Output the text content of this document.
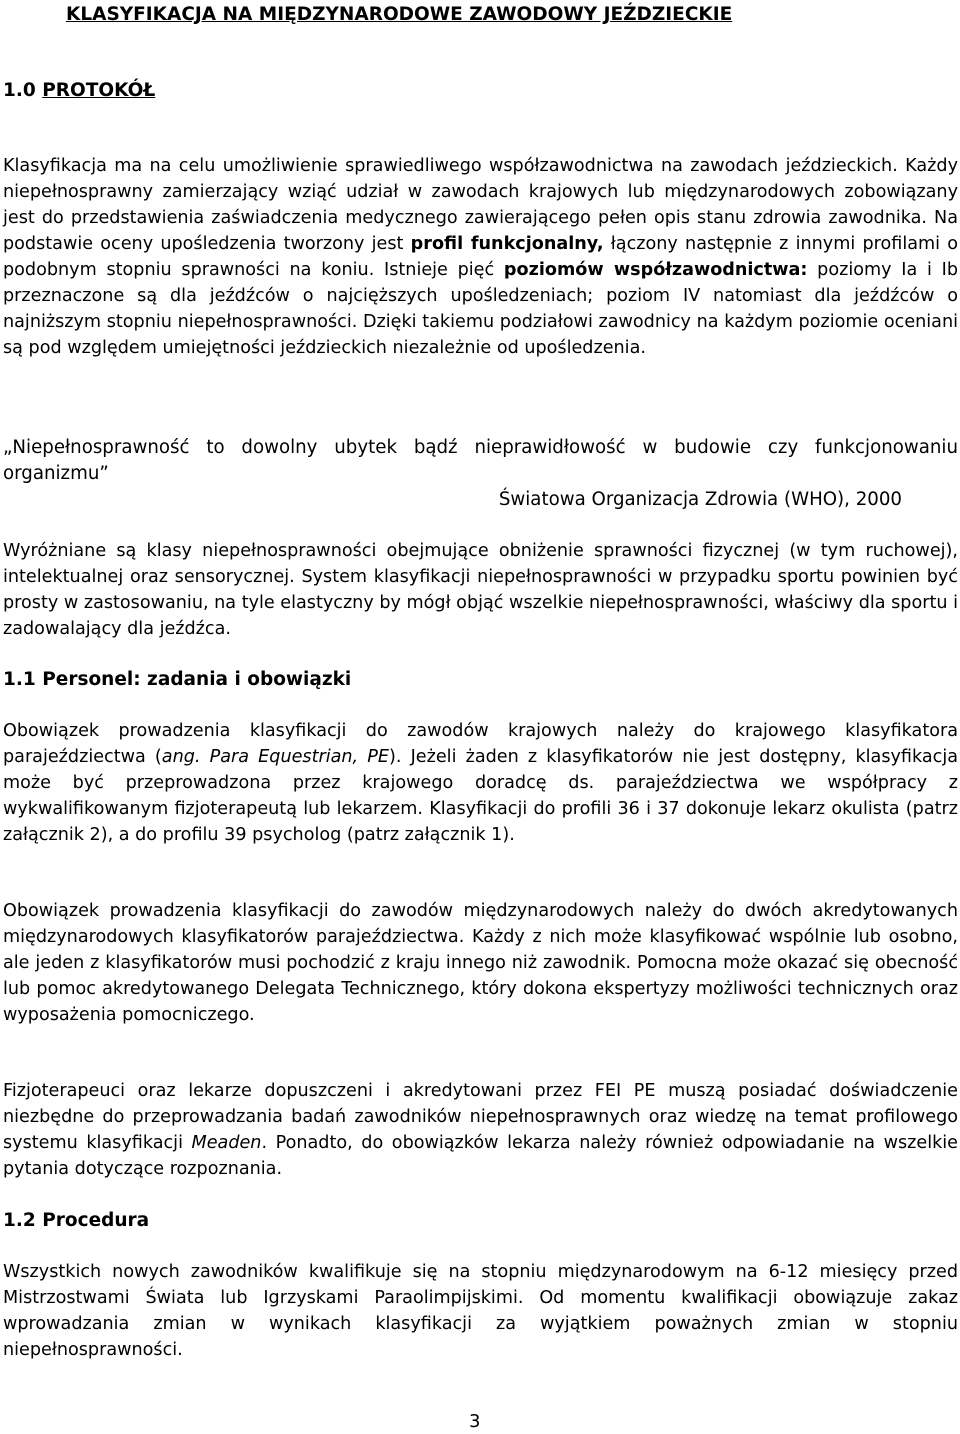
KLASYFIKACJA NA MIĘDZYNARODOWE ZAWODOWY JEŹDZIECKIE
1.0 PROTOKÓŁ

Klasyfikacja ma na celu umożliwienie sprawiedliwego współzawodnictwa na zawodach jeździeckich. Każdy niepełnosprawny zamierzający wziąć udział w zawodach krajowych lub międzynarodowych zobowiązany jest do przedstawienia zaświadczenia medycznego zawierającego pełen opis stanu zdrowia zawodnika. Na podstawie oceny upośledzenia tworzony jest profil funkcjonalny, łączony następnie z innymi profilami o podobnym stopniu sprawności na koniu. Istnieje pięć poziomów współzawodnictwa: poziomy Ia i Ib przeznaczone są dla jeźdźców o najcięższych upośledzeniach; poziom IV natomiast dla jeźdźców o najniższym stopniu niepełnosprawności. Dzięki takiemu podziałowi zawodnicy na każdym poziomie oceniani są pod względem umiejętności jeździeckich niezależnie od upośledzenia.

„Niepełnosprawność to dowolny ubytek bądź nieprawidłowość w budowie czy funkcjonowaniu organizmu”

Światowa Organizacja Zdrowia (WHO), 2000

Wyróżniane są klasy niepełnosprawności obejmujące obniżenie sprawności fizycznej (w tym ruchowej), intelektualnej oraz sensorycznej. System klasyfikacji niepełnosprawności w przypadku sportu powinien być prosty w zastosowaniu, na tyle elastyczny by mógł objąć wszelkie niepełnosprawności, właściwy dla sportu i zadowalający dla jeźdźca.

1.1 Personel: zadania i obowiązki

Obowiązek prowadzenia klasyfikacji do zawodów krajowych należy do krajowego klasyfikatora parajeździectwa (ang. Para Equestrian, PE). Jeżeli żaden z klasyfikatorów nie jest dostępny, klasyfikacja może być przeprowadzona przez krajowego doradcę ds. parajeździectwa we współpracy z wykwalifikowanym fizjoterapeutą lub lekarzem. Klasyfikacji do profili 36 i 37 dokonuje lekarz okulista (patrz załącznik 2), a do profilu 39 psycholog (patrz załącznik 1).

Obowiązek prowadzenia klasyfikacji do zawodów międzynarodowych należy do dwóch akredytowanych międzynarodowych klasyfikatorów parajeździectwa. Każdy z nich może klasyfikować wspólnie lub osobno, ale jeden z klasyfikatorów musi pochodzić z kraju innego niż zawodnik. Pomocna może okazać się obecność lub pomoc akredytowanego Delegata Technicznego, który dokona ekspertyzy możliwości technicznych oraz wyposażenia pomocniczego.

Fizjoterapeuci oraz lekarze dopuszczeni i akredytowani przez FEI PE muszą posiadać doświadczenie niezbędne do przeprowadzania badań zawodników niepełnosprawnych oraz wiedzę na temat profilowego systemu klasyfikacji Meaden. Ponadto, do obowiązków lekarza należy również odpowiadanie na wszelkie pytania dotyczące rozpoznania.

1.2 Procedura

Wszystkich nowych zawodników kwalifikuje się na stopniu międzynarodowym na 6-12 miesięcy przed Mistrzostwami Świata lub Igrzyskami Paraolimpijskimi. Od momentu kwalifikacji obowiązuje zakaz wprowadzania zmian w wynikach klasyfikacji za wyjątkiem poważnych zmian w stopniu niepełnosprawności.

3
